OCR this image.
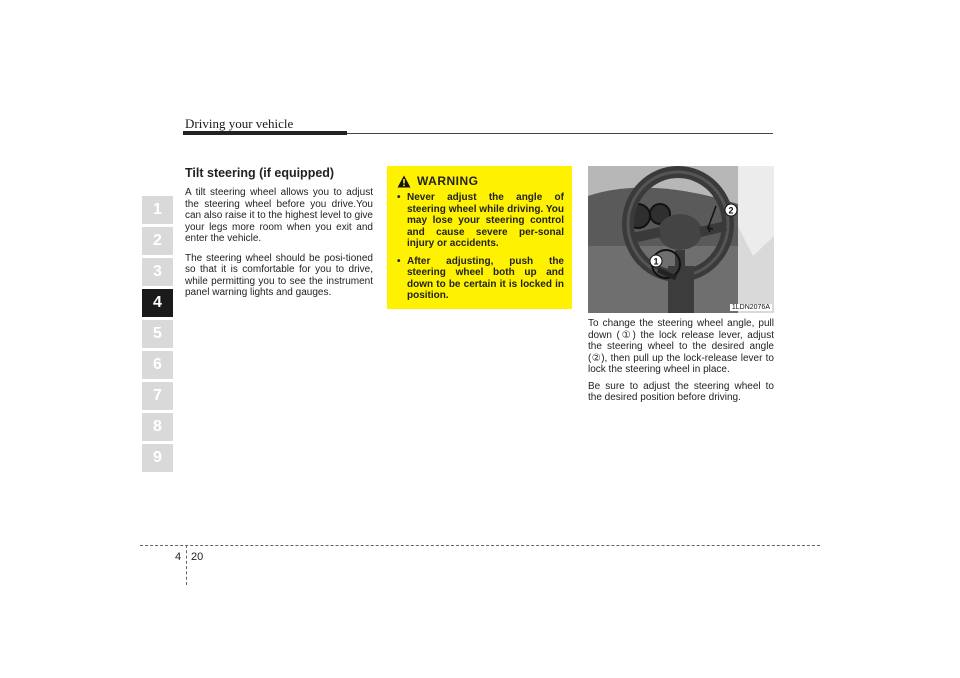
Driving your vehicle
1
2
3
4
5
6
7
8
9
Tilt steering (if equipped)

A tilt steering wheel allows you to adjust the steering wheel before you drive.You can also raise it to the highest level to give your legs more room when you exit and enter the vehicle.

The steering wheel should be posi-tioned so that it is comfortable for you to drive, while permitting you to see the instrument panel warning lights and gauges.

WARNING
• Never adjust the angle of steering wheel while driving. You may lose your steering control and cause severe per-sonal injury or accidents.
• After adjusting, push the steering wheel both up and down to be certain it is locked in position.
2
1
1LDN2076A

To change the steering wheel angle, pull down (①) the lock release lever, adjust the steering wheel to the desired angle (②), then pull up the lock-release lever to lock the steering wheel in place.

Be sure to adjust the steering wheel to the desired position before driving.

4 20
